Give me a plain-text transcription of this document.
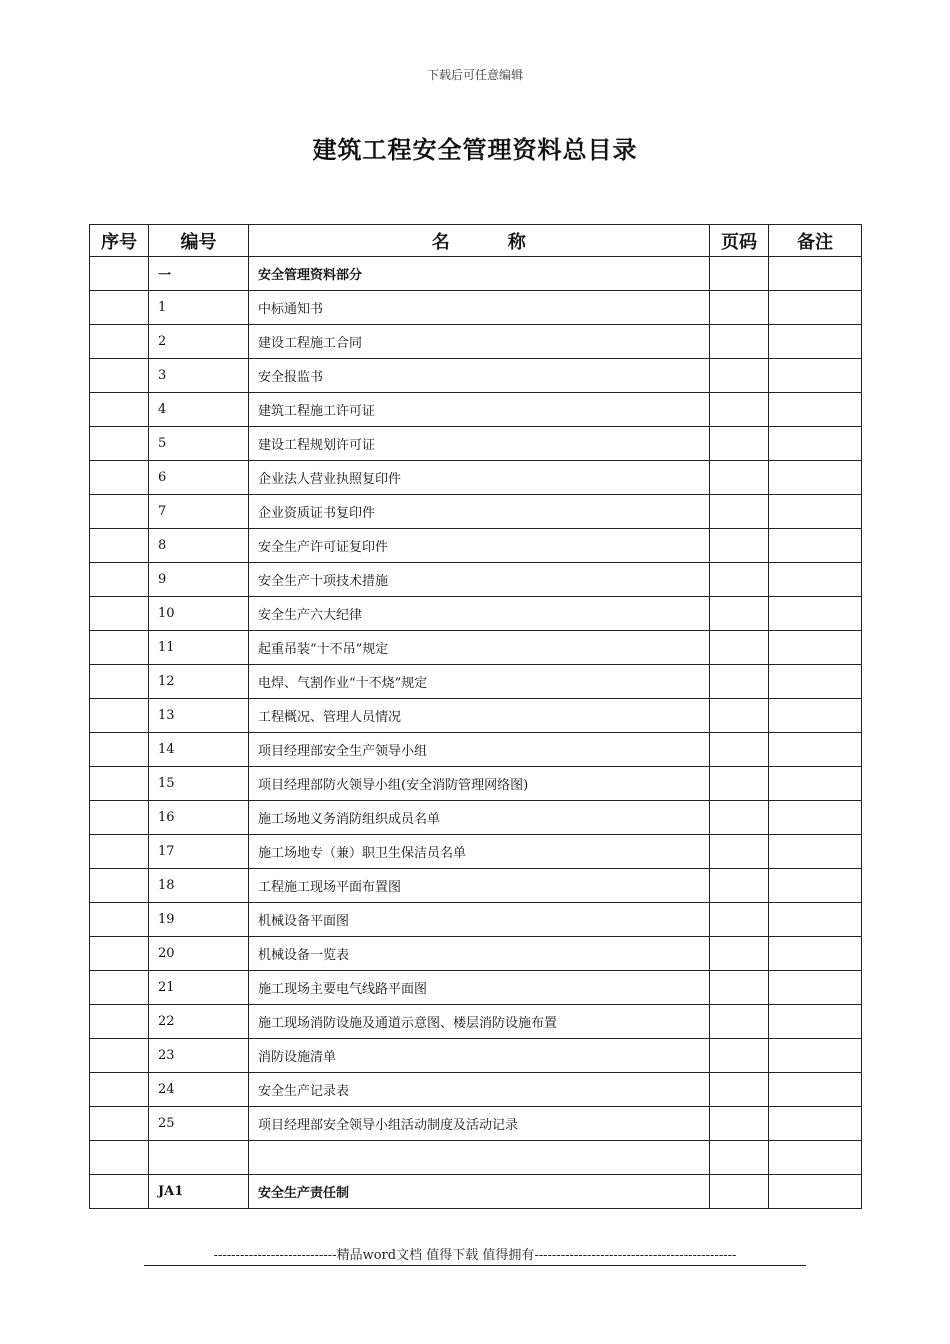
下载后可任意编辑
建筑工程安全管理资料总目录
序号	编号	名 称	页码	备注
	一	安全管理资料部分		
	1	中标通知书		
	2	建设工程施工合同		
	3	安全报监书		
	4	建筑工程施工许可证		
	5	建设工程规划许可证		
	6	企业法人营业执照复印件		
	7	企业资质证书复印件		
	8	安全生产许可证复印件		
	9	安全生产十项技术措施		
	10	安全生产六大纪律		
	11	起重吊装“十不吊”规定		
	12	电焊、气割作业“十不烧”规定		
	13	工程概况、管理人员情况		
	14	项目经理部安全生产领导小组		
	15	项目经理部防火领导小组(安全消防管理网络图)		
	16	施工场地义务消防组织成员名单		
	17	施工场地专（兼）职卫生保洁员名单		
	18	工程施工现场平面布置图		
	19	机械设备平面图		
	20	机械设备一览表		
	21	施工现场主要电气线路平面图		
	22	施工现场消防设施及通道示意图、楼层消防设施布置		
	23	消防设施清单		
	24	安全生产记录表		
	25	项目经理部安全领导小组活动制度及活动记录		

	JA1	安全生产责任制		
----------------------------精品word文档 值得下载 值得拥有----------------------------------------------
